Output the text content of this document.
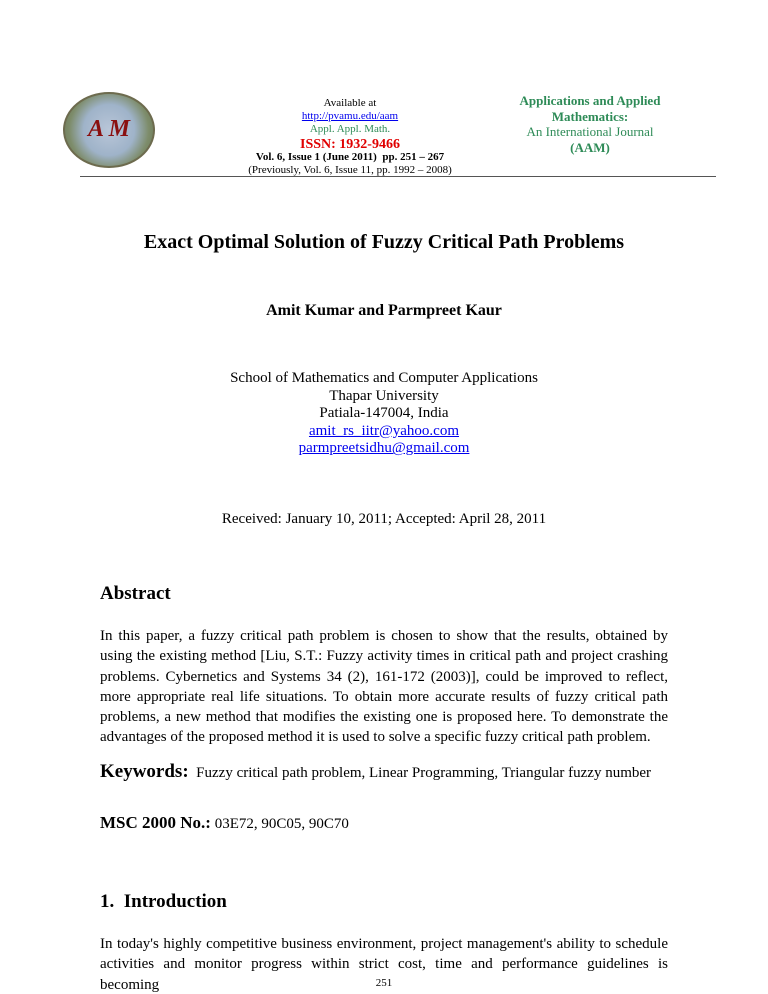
A M
Available at
http://pvamu.edu/aam
Appl. Appl. Math.
ISSN: 1932-9466
Applications and Applied
Mathematics:
An International Journal
(AAM)
Vol. 6, Issue 1 (June 2011)  pp. 251 – 267
(Previously, Vol. 6, Issue 11, pp. 1992 – 2008)
Exact Optimal Solution of Fuzzy Critical Path Problems
Amit Kumar and Parmpreet Kaur
School of Mathematics and Computer Applications
Thapar University
Patiala-147004, India
amit_rs_iitr@yahoo.com
parmpreetsidhu@gmail.com
Received: January 10, 2011; Accepted: April 28, 2011
Abstract
In this paper, a fuzzy critical path problem is chosen to show that the results, obtained by using the existing method [Liu, S.T.: Fuzzy activity times in critical path and project crashing problems. Cybernetics and Systems 34 (2), 161-172 (2003)], could be improved to reflect, more appropriate real life situations. To obtain more accurate results of fuzzy critical path problems, a new method that modifies the existing one is proposed here. To demonstrate the advantages of the proposed method it is used to solve a specific fuzzy critical path problem.
Keywords: Fuzzy critical path problem, Linear Programming, Triangular fuzzy number
MSC 2000 No.: 03E72, 90C05, 90C70
1.  Introduction
In today's highly competitive business environment, project management's ability to schedule activities and monitor progress within strict cost, time and performance guidelines is becoming	251
